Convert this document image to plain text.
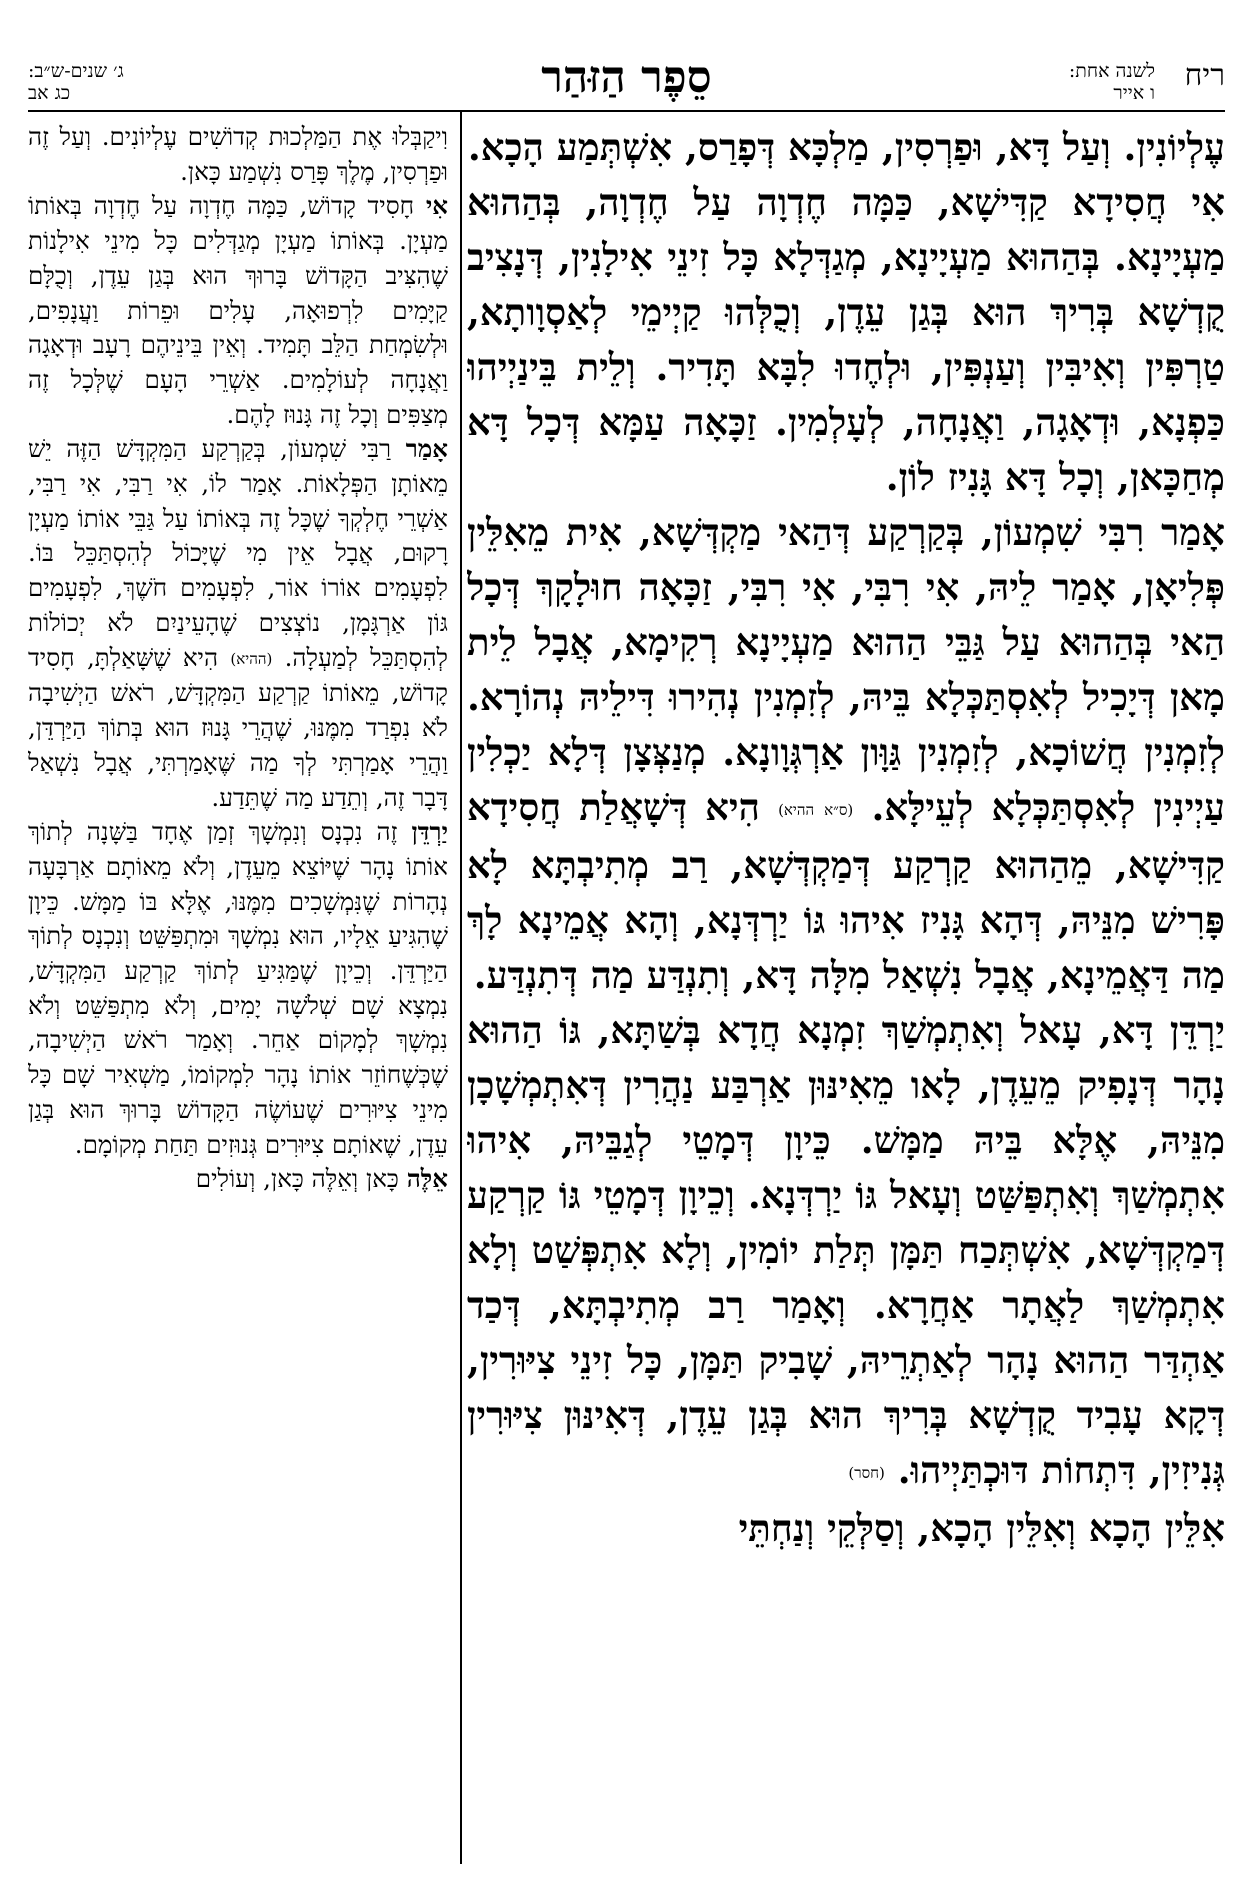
ריח
לשנה אחת:
ו אייר
סֵפֶר הַזּהַר
ג׳ שנים-ש״ב:
כג אב

עֶלְיוֹנִין. וְעַל דָּא, וּפַרְסִין, מַלְכָּא דְּפָרַס, אִשְׁתְּמַע הָכָא.

אִי חֲסִידָא קַדִּישָׁא, כַּמָּה חֶדְוָה עַל חֶדְוָה, בְּהַהוּא מַעְיָינָא. בְּהַהוּא מַעְיָינָא, מְגַדְּלָא כָּל זִינֵי אִילָנִין, דְּנָצִיב קֻדְשָׁא בְּרִיךְ הוּא בְּגַן עֵדֶן, וְכֻלְּהוּ קַיְימֵי לְאַסְוָותָא, טַרְפִּין וְאִיבִּין וְעַנְפִּין, וּלְחֶדוּ לִבָּא תָּדִיר. וְלֵית בֵּינַיְיהוּ כַּפְנָא, וּדְאָגָה, וַאֲנָחָה, לְעָלְמִין. זַכָּאָה עַמָּא דְּכָל דָּא מְחַכָּאן, וְכָל דָּא גָּנִיז לוֹן.

אָמַר רִבִּי שִׁמְעוֹן, בְּקַרְקַע דְּהַאי מַקְדְּשָׁא, אִית מֵאִלֵּין פְּלִיאָן, אָמַר לֵיהּ, אִי רִבִּי, אִי רִבִּי, זַכָּאָה חוּלָקָךְ דְּכָל הַאי בְּהַהוּא עַל גַּבֵּי הַהוּא מַעְיָינָא רְקִימָא, אֲבָל לֵית מָאן דְּיָכִיל לְאִסְתַּכְּלָא בֵּיהּ, לְזִמְנִין נְהִירוּ דִּילֵיהּ נְהוֹרָא. לְזִמְנִין חֲשׁוֹכָא, לְזִמְנִין גַּוָּון אַרְגְּוָונָא. מְנַצְּצָן דְּלָא יַכְלִין עַיְינִין לְאִסְתַּכְּלָא לְעֵילָּא. (ס״א ההיא) הִיא דְּשָׁאֲלַת חֲסִידָא קַדִּישָׁא, מֵהַהוּא קַרְקַע דְּמַקְדְּשָׁא, רַב מְתִיבְתָּא לָא פָּרִישׁ מִנֵּיהּ, דְּהָא גָּנִיז אִיהוּ גּוֹ יַרְדְּנָא, וְהָא אֲמֵינָא לָךְ מַה דַּאֲמֵינָא, אֲבָל נִשְׁאַל מִלָּה דָּא, וְתִנְדַּע מַה דְּתִנְדַּע.

יַרְדֵּן דָּא, עָאל וְאִתְמְשַׁךְ זִמְנָא חֲדָא בְּשַׁתָּא, גּוֹ הַהוּא נָהָר דְּנָפִיק מֵעֵדֶן, לָאו מֵאִינּוּן אַרְבַּע נַהֲרִין דְּאִתְמְשָׁכָן מִנֵּיהּ, אֶלָּא בֵּיהּ מַמָּשׁ. כֵּיוָן דְּמָטֵי לְגַבֵּיהּ, אִיהוּ אִתְמְשַׁךְ וְאִתְפַּשַּׁט וְעָאל גּוֹ יַרְדְּנָא. וְכֵיוָן דְּמָטֵי גּוֹ קַרְקַע דְּמַקְדְּשָׁא, אִשְׁתְּכַח תַּמָּן תְּלַת יוֹמִין, וְלָא אִתְפְּשַׁט וְלָא אִתְמְשַׁךְ לַאֲתָר אַחֲרָא. וְאָמַר רַב מְתִיבְתָּא, דְּכַד אַהְדַּר הַהוּא נָהָר לְאַתְרֵיהּ, שָׁבִיק תַּמָּן, כָּל זִינֵי צִיּוּרִין, דְּקָא עָבִיד קֻדְשָׁא בְּרִיךְ הוּא בְּגַן עֵדֶן, דְּאִינּוּן צִיּוּרִין גְּנִיזִין, דִּתְחוֹת דּוּכְתַּיְיהוּ. (חסר)

אִלֵּין הָכָא וְאִלֵּין הָכָא, וְסַלְּקֵי וְנַחְתֵּי

וִיקַבְּלוּ אֶת הַמַּלְכוּת קְדוֹשִׁים עֶלְיוֹנִים. וְעַל זֶה וּפַרְסִין, מֶלֶךְ פָּרַס נִשְׁמַע כָּאן.

אִי חָסִיד קָדוֹשׁ, כַּמָּה חֶדְוָה עַל חֶדְוָה בְּאוֹתוֹ מַעְיָן. בְּאוֹתוֹ מַעְיָן מְגַדְּלִים כָּל מִינֵי אִילָנוֹת שֶׁהִצִּיב הַקָּדוֹשׁ בָּרוּךְ הוּא בְּגַן עֵדֶן, וְכֻלָּם קַיָּמִים לִרְפוּאָה, עָלִים וּפֵרוֹת וַעֲנָפִים, וּלְשִׂמְחַת הַלֵּב תָּמִיד. וְאֵין בֵּינֵיהֶם רָעָב וּדְאָגָה וַאֲנָחָה לְעוֹלָמִים. אַשְׁרֵי הָעָם שֶׁלְּכָל זֶה מְצַפִּים וְכָל זֶה גָּנוּז לָהֶם.

אָמַר רַבִּי שִׁמְעוֹן, בְּקַרְקַע הַמִּקְדָּשׁ הַזֶּה יֵשׁ מֵאוֹתָן הַפְּלָאוֹת. אָמַר לוֹ, אִי רַבִּי, אִי רַבִּי, אַשְׁרֵי חֶלְקְךָ שֶׁכָּל זֶה בְּאוֹתוֹ עַל גַּבֵּי אוֹתוֹ מַעְיָן רָקוּם, אֲבָל אֵין מִי שֶׁיָּכוֹל לְהִסְתַּכֵּל בּוֹ. לִפְעָמִים אוֹרוֹ אוֹר, לִפְעָמִים חֹשֶׁךְ, לִפְעָמִים גּוֹן אַרְגָּמָן, נוֹצְצִים שֶׁהָעֵינַיִם לֹא יְכוֹלוֹת לְהִסְתַּכֵּל לְמַעְלָה. (ההיא) הִיא שֶׁשָּׁאַלְתָּ, חָסִיד קָדוֹשׁ, מֵאוֹתוֹ קַרְקַע הַמִּקְדָּשׁ, רֹאשׁ הַיְשִׁיבָה לֹא נִפְרַד מִמֶּנּוּ, שֶׁהֲרֵי גָּנוּז הוּא בְּתוֹךְ הַיַּרְדֵּן, וַהֲרֵי אָמַרְתִּי לְךָ מַה שֶּׁאָמַרְתִּי, אֲבָל נִשְׁאַל דָּבָר זֶה, וְתֵדַע מַה שֶׁתֵּדַע.

יַרְדֵּן זֶה נִכְנָס וְנִמְשָׁךְ זְמַן אֶחָד בַּשָּׁנָה לְתוֹךְ אוֹתוֹ נָהָר שֶׁיּוֹצֵא מֵעֵדֶן, וְלֹא מֵאוֹתָם אַרְבָּעָה נְהָרוֹת שֶׁנִּמְשָׁכִים מִמֶּנּוּ, אֶלָּא בּוֹ מַמָּשׁ. כֵּיוָן שֶׁהִגִּיעַ אֵלָיו, הוּא נִמְשָׁךְ וּמִתְפַּשֵּׁט וְנִכְנָס לְתוֹךְ הַיַּרְדֵּן. וְכֵיוָן שֶׁמַּגִּיעַ לְתוֹךְ קַרְקַע הַמִּקְדָּשׁ, נִמְצָא שָׁם שְׁלֹשָׁה יָמִים, וְלֹא מִתְפַּשֵּׁט וְלֹא נִמְשָׁךְ לְמָקוֹם אַחֵר. וְאָמַר רֹאשׁ הַיְשִׁיבָה, שֶׁכְּשֶׁחוֹזֵר אוֹתוֹ נָהָר לִמְקוֹמוֹ, מַשְׁאִיר שָׁם כָּל מִינֵי צִיּוּרִים שֶׁעוֹשֶׂה הַקָּדוֹשׁ בָּרוּךְ הוּא בְּגַן עֵדֶן, שֶׁאוֹתָם צִיּוּרִים גְּנוּזִים תַּחַת מְקוֹמָם.

אֵלֶּה כָּאן וְאֵלֶּה כָּאן, וְעוֹלִים
